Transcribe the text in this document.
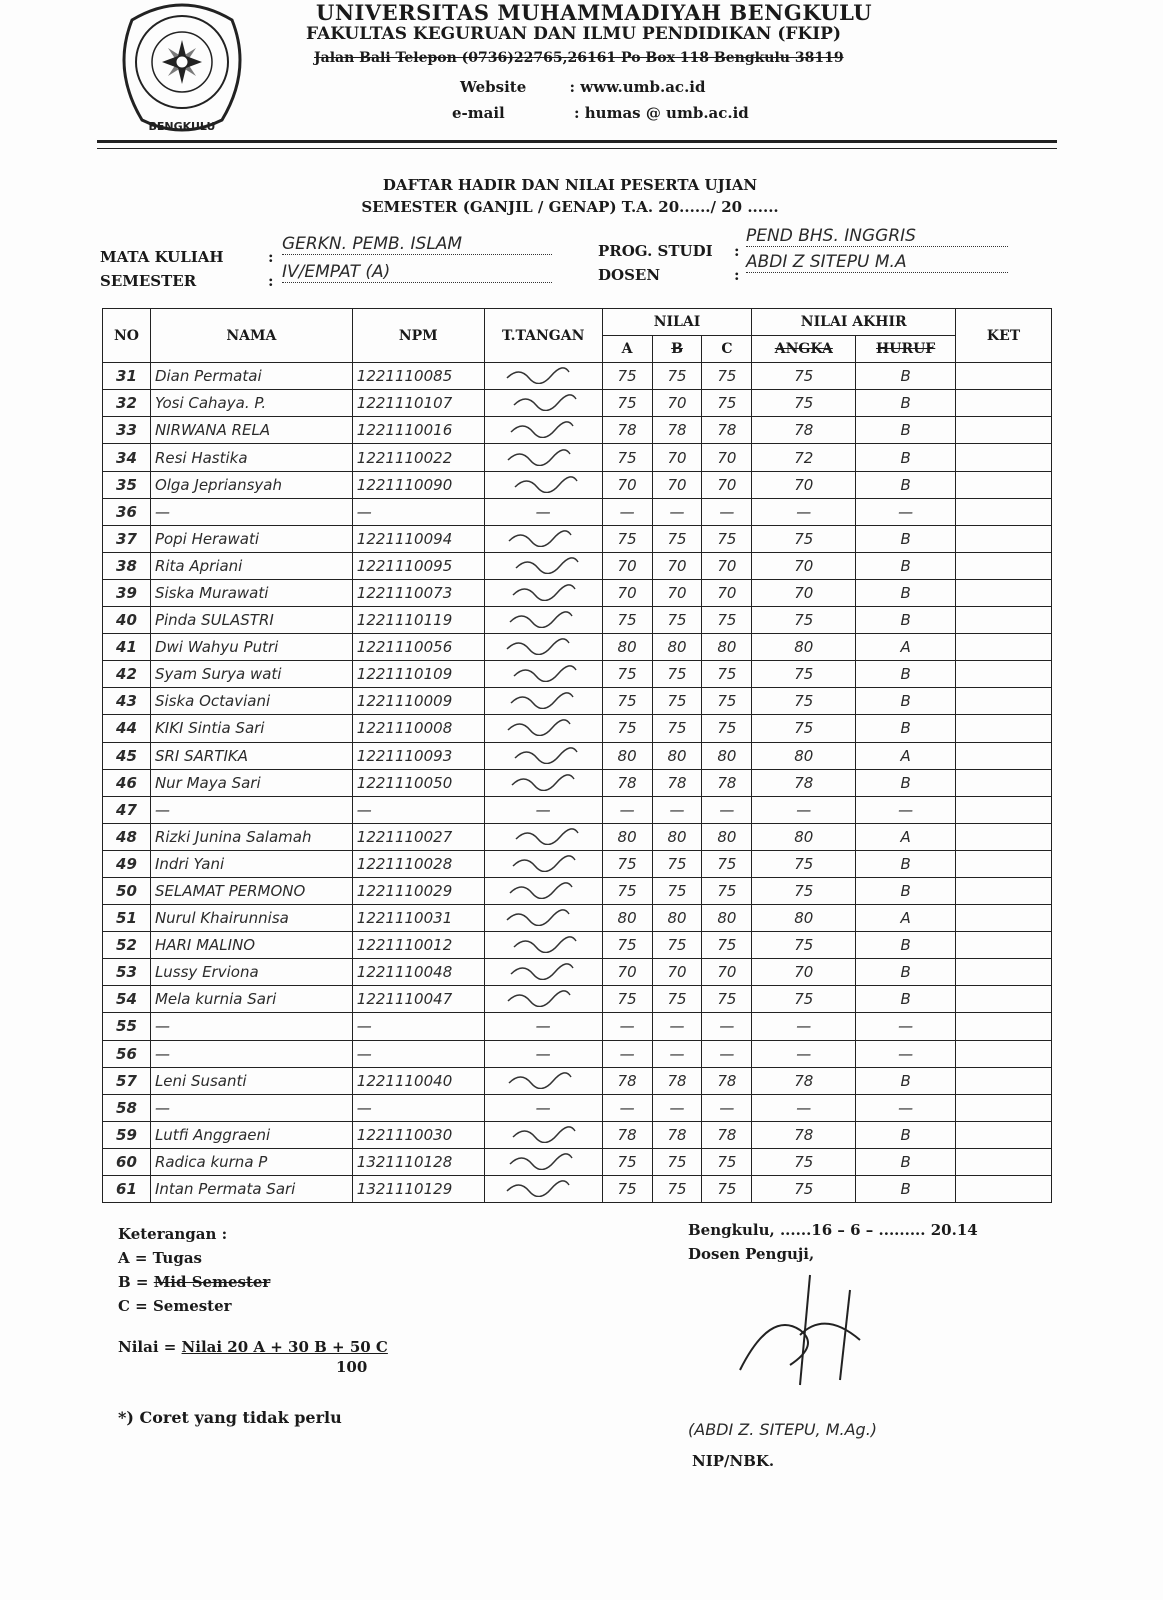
BENGKULU
UNIVERSITAS MUHAMMADIYAH BENGKULU
FAKULTAS KEGURUAN DAN ILMU PENDIDIKAN (FKIP)
Jalan Bali Telepon (0736)22765,26161 Po Box 118 Bengkulu 38119
Website	: www.umb.ac.id
e-mail	: humas @ umb.ac.id
DAFTAR HADIR DAN NILAI PESERTA UJIAN
SEMESTER (GANJIL / GENAP) T.A. 20....../ 20 ......
MATA KULIAH	:
GERKN. PEMB. ISLAM
SEMESTER	: IV/EMPAT (A)
PROG. STUDI :
PEND BHS. INGGRIS
DOSEN	:
ABDI Z SITEPU M.A
NO	NAMA	NPM	T.TANGAN	NILAI			NILAI AKHIR		KET
				A	B	C	ANGKA	HURUF	
31	Dian Permatai	1221110085		75	75	75	75	B	
32	Yosi Cahaya. P.	1221110107		75	70	75	75	B	
33	NIRWANA RELA	1221110016		78	78	78	78	B	
34	Resi Hastika	1221110022		75	70	70	72	B	
35	Olga Jepriansyah	1221110090		70	70	70	70	B	
36	—	—	—	—	—	—	—	—	
37	Popi Herawati	1221110094		75	75	75	75	B	
38	Rita Apriani	1221110095		70	70	70	70	B	
39	Siska Murawati	1221110073		70	70	70	70	B	
40	Pinda SULASTRI	1221110119		75	75	75	75	B	
41	Dwi Wahyu Putri	1221110056		80	80	80	80	A	
42	Syam Surya wati	1221110109		75	75	75	75	B	
43	Siska Octaviani	1221110009		75	75	75	75	B	
44	KIKI Sintia Sari	1221110008		75	75	75	75	B	
45	SRI SARTIKA	1221110093		80	80	80	80	A	
46	Nur Maya Sari	1221110050		78	78	78	78	B	
47	—	—	—	—	—	—	—	—	
48	Rizki Junina Salamah	1221110027		80	80	80	80	A	
49	Indri Yani	1221110028		75	75	75	75	B	
50	SELAMAT PERMONO	1221110029		75	75	75	75	B	
51	Nurul Khairunnisa	1221110031		80	80	80	80	A	
52	HARI MALINO	1221110012		75	75	75	75	B	
53	Lussy Erviona	1221110048		70	70	70	70	B	
54	Mela kurnia Sari	1221110047		75	75	75	75	B	
55	—	—	—	—	—	—	—	—	
56	—	—	—	—	—	—	—	—	
57	Leni Susanti	1221110040		78	78	78	78	B	
58	—	—	—	—	—	—	—	—	
59	Lutfi Anggraeni	1221110030		78	78	78	78	B	
60	Radica kurna P	1321110128		75	75	75	75	B	
61	Intan Permata Sari	1321110129		75	75	75	75	B	
Keterangan :
A = Tugas
B = Mid Semester
C = Semester
Nilai = Nilai 20 A + 30 B + 50 C
100
*) Coret yang tidak perlu
Bengkulu, ......16 – 6 – ......... 20.14
Dosen Penguji,
(ABDI Z. SITEPU, M.Ag.)
NIP/NBK.
